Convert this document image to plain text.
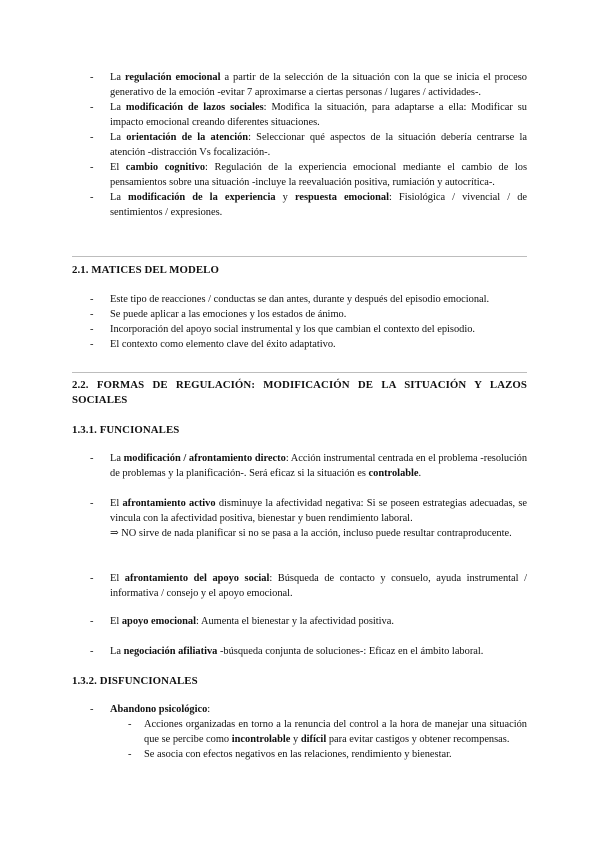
-	La regulación emocional a partir de la selección de la situación con la que se inicia el proceso generativo de la emoción -evitar 7 aproximarse a ciertas personas / lugares / actividades-.
-	La modificación de lazos sociales: Modifica la situación, para adaptarse a ella: Modificar su impacto emocional creando diferentes situaciones.
-	La orientación de la atención: Seleccionar qué aspectos de la situación debería centrarse la atención -distracción Vs focalización-.
-	El cambio cognitivo: Regulación de la experiencia emocional mediante el cambio de los pensamientos sobre una situación -incluye la reevaluación positiva, rumiación y autocrítica-.
-	La modificación de la experiencia y respuesta emocional: Fisiológica / vivencial / de sentimientos / expresiones.
2.1. MATICES DEL MODELO
-	Este tipo de reacciones / conductas se dan antes, durante y después del episodio emocional.
-	Se puede aplicar a las emociones y los estados de ánimo.
-	Incorporación del apoyo social instrumental y los que cambian el contexto del episodio.
-	El contexto como elemento clave del éxito adaptativo.
2.2. FORMAS DE REGULACIÓN: MODIFICACIÓN DE LA SITUACIÓN Y LAZOS SOCIALES
1.3.1. FUNCIONALES
-	La modificación / afrontamiento directo: Acción instrumental centrada en el problema -resolución de problemas y la planificación-. Será eficaz si la situación es controlable.
-	El afrontamiento activo disminuye la afectividad negativa: Si se poseen estrategias adecuadas, se vincula con la afectividad positiva, bienestar y buen rendimiento laboral.
⇒ NO sirve de nada planificar si no se pasa a la acción, incluso puede resultar contraproducente.
-	El afrontamiento del apoyo social: Búsqueda de contacto y consuelo, ayuda instrumental / informativa / consejo y el apoyo emocional.
-	El apoyo emocional: Aumenta el bienestar y la afectividad positiva.
-	La negociación afiliativa -búsqueda conjunta de soluciones-: Eficaz en el ámbito laboral.
1.3.2. DISFUNCIONALES
-	Abandono psicológico:
-	Acciones organizadas en torno a la renuncia del control a la hora de manejar una situación que se percibe como incontrolable y difícil para evitar castigos y obtener recompensas.
-	Se asocia con efectos negativos en las relaciones, rendimiento y bienestar.
